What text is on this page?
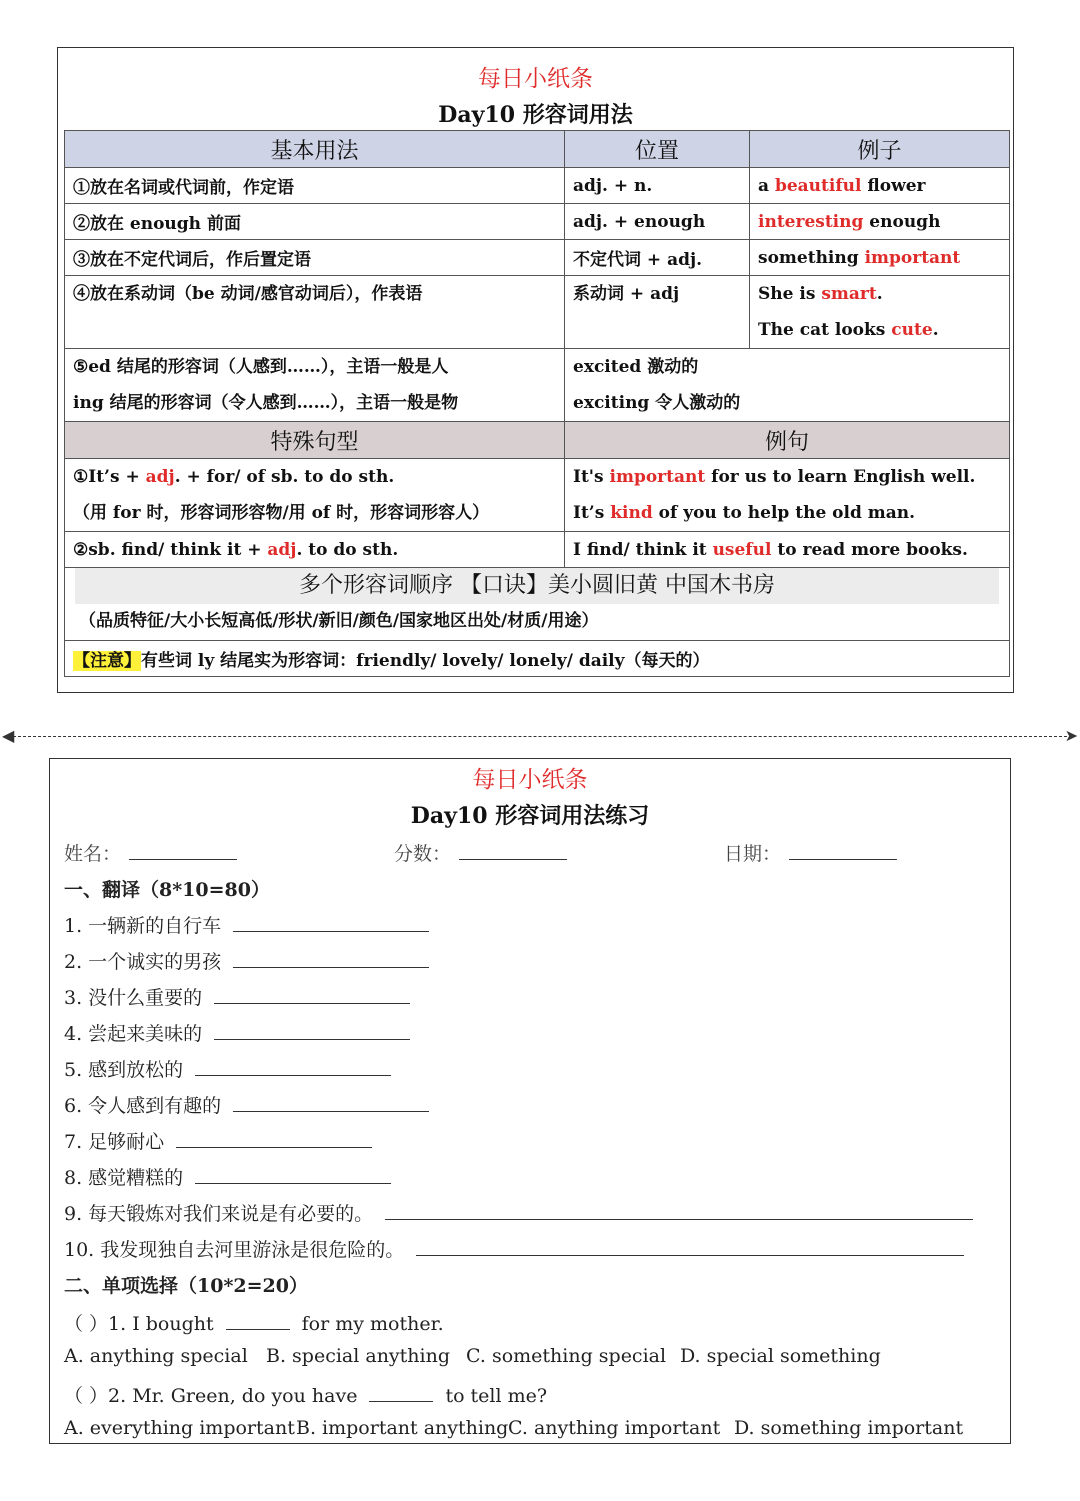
每日小纸条
Day10 形容词用法
基本用法	位置	例子
①放在名词或代词前，作定语	adj. + n.	a beautiful flower
②放在 enough 前面	adj. + enough	interesting enough
③放在不定代词后，作后置定语	不定代词 + adj.	something important

④放在系动词（be 动词/感官动词后），作表语	系动词 + adj	She is smart.
The cat looks cute.

⑤ed 结尾的形容词（人感到……），主语一般是人
ing 结尾的形容词（令人感到……），主语一般是物	excited 激动的
exciting 令人激动的	

特殊句型	例句	

①It’s + adj. + for/ of sb. to do sth.
（用 for 时，形容词形容物/用 of 时，形容词形容人）	It's important for us to learn English well.
It’s kind of you to help the old man.	

②sb. find/ think it + adj. to do sth.	I find/ think it useful to read more books.	

多个形容词顺序 【口诀】美小圆旧黄 中国木书房
（品质特征/大小长短高低/形状/新旧/颜色/国家地区出处/材质/用途）		

【注意】有些词 ly 结尾实为形容词：friendly/ lovely/ lonely/ daily（每天的）		
◀	➤
每日小纸条
Day10 形容词用法练习
姓名：	分数：	日期：
一、翻译（8*10=80）
1. 一辆新的自行车
2. 一个诚实的男孩
3. 没什么重要的
4. 尝起来美味的
5. 感到放松的
6. 令人感到有趣的
7. 足够耐心
8. 感觉糟糕的
9. 每天锻炼对我们来说是有必要的。
10. 我发现独自去河里游泳是很危险的。
二、单项选择（10*2=20）
（ ）1. I bought	for my mother.
A. anything special B. special anything C. something special D. special something
（ ）2. Mr. Green, do you have	to tell me?
A. everything important B. important anything C. anything important D. something important
